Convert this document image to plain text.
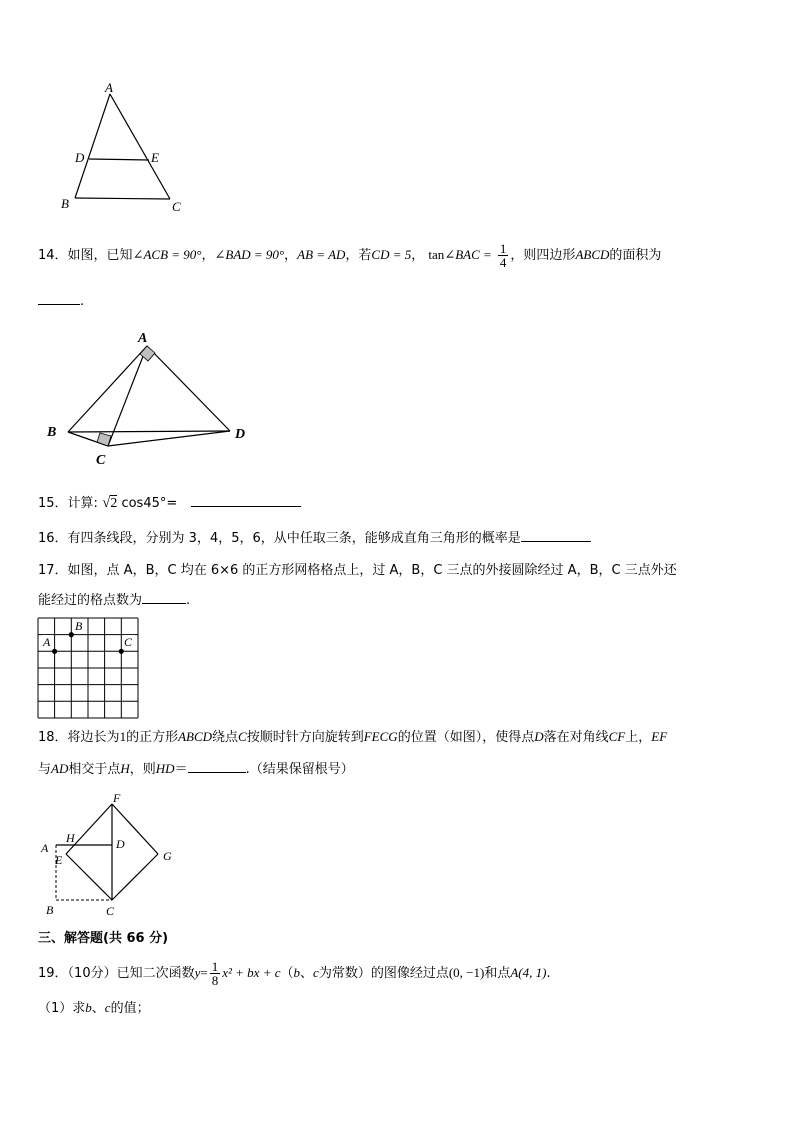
A
D	E
B	C
14．如图，已知∠ACB = 90°，∠BAD = 90°，AB = AD，若CD = 5， tan∠BAC = $\frac{1}{4}$ ，则四边形ABCD的面积为
.
A
B
C
D
15．计算: √2 cos45°=
16．有四条线段，分别为 3，4，5，6，从中任取三条，能够成直角三角形的概率是
17．如图，点 A，B，C 均在 6×6 的正方形网格格点上，过 A，B，C 三点的外接圆除经过 A，B，C 三点外还
能经过的格点数为	.
A
B
C
18．将边长为1的正方形ABCD绕点C按顺时针方向旋转到FECG的位置（如图），使得点D落在对角线CF上，EF
与AD相交于点H，则HD＝	.（结果保留根号）
F
H	D
A
E	G
B	C
三、解答题(共 66 分)
19．（10分）已知二次函数$y= \frac{1}{8} x^2$ + bx + c（b、c为常数）的图像经过点(0, −1)和点A(4, 1).
（1）求b、c的值；
